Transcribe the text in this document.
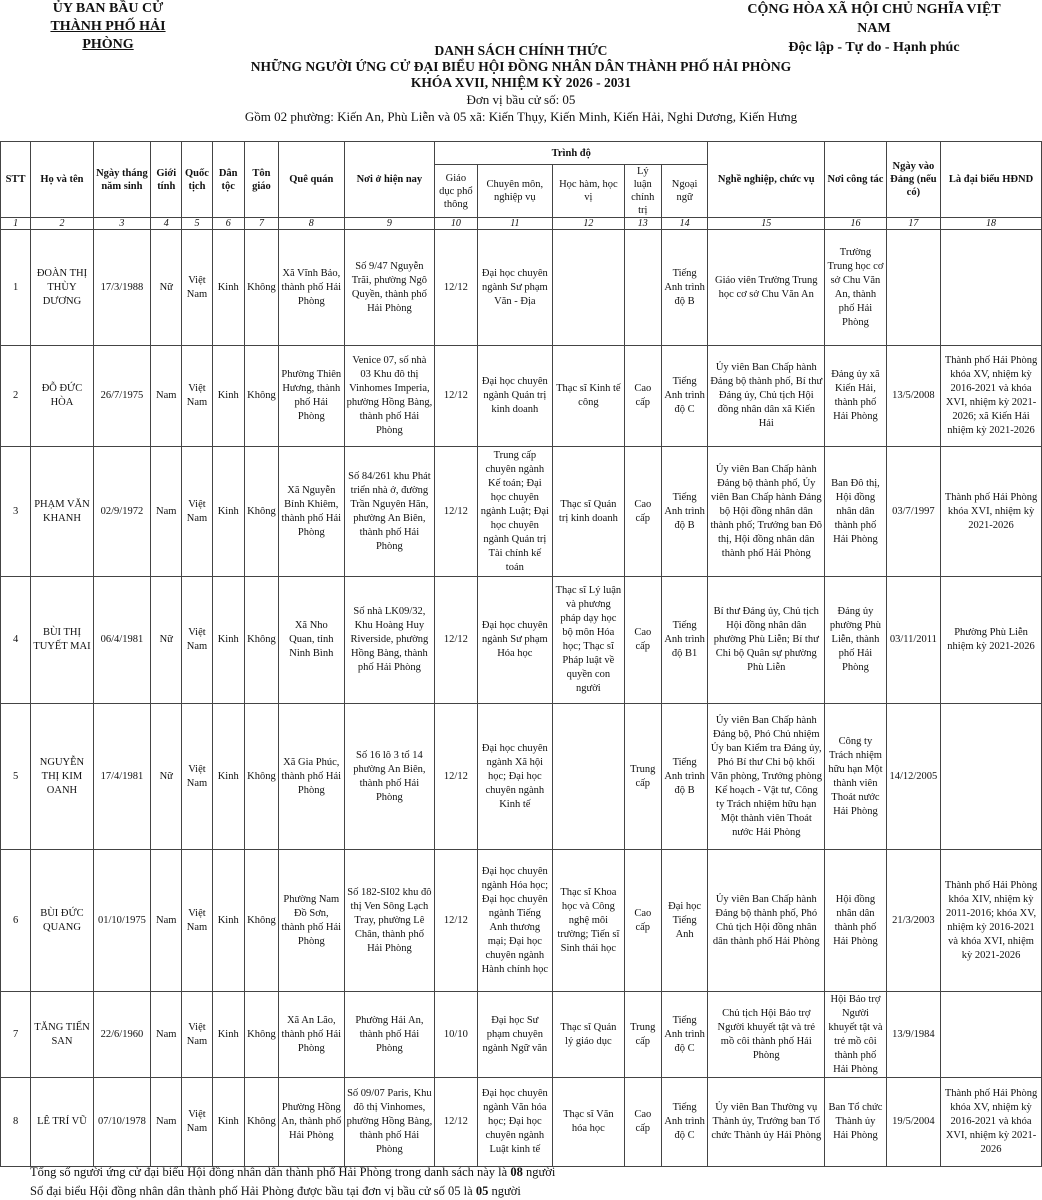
ỦY BAN BẦU CỬ
THÀNH PHỐ HẢI PHÒNG
CỘNG HÒA XÃ HỘI CHỦ NGHĨA VIỆT NAM
Độc lập - Tự do - Hạnh phúc
DANH SÁCH CHÍNH THỨC
NHỮNG NGƯỜI ỨNG CỬ ĐẠI BIỂU HỘI ĐỒNG NHÂN DÂN THÀNH PHỐ HẢI PHÒNG
KHÓA XVII, NHIỆM KỲ 2026 - 2031
Đơn vị bầu cử số: 05
Gồm 02 phường: Kiến An, Phù Liễn và 05 xã: Kiến Thụy, Kiến Minh, Kiến Hải, Nghi Dương, Kiến Hưng
STT	Họ và tên	Ngày tháng năm sinh	Giới tính	Quốc tịch	Dân tộc	Tôn giáo	Quê quán	Nơi ở hiện nay	Trình độ					Nghề nghiệp, chức vụ	Nơi công tác	Ngày vào Đảng (nếu có)	Là đại biểu HĐND
									Giáo dục phổ thông	Chuyên môn, nghiệp vụ	Học hàm, học vị	Lý luận chính trị	Ngoại ngữ				
1	2	3	4	5	6	7	8	9	10	11	12	13	14	15	16	17	18
1	ĐOÀN THỊ THÙY DƯƠNG	17/3/1988	Nữ	Việt Nam	Kinh	Không	Xã Vĩnh Bảo, thành phố Hải Phòng	Số 9/47 Nguyễn Trãi, phường Ngô Quyền, thành phố Hải Phòng	12/12	Đại học chuyên ngành Sư phạm Văn - Địa			Tiếng Anh trình độ B	Giáo viên Trường Trung học cơ sở Chu Văn An	Trường Trung học cơ sở Chu Văn An, thành phố Hải Phòng		
2	ĐỖ ĐỨC HÒA	26/7/1975	Nam	Việt Nam	Kinh	Không	Phường Thiên Hương, thành phố Hải Phòng	Venice 07, số nhà 03 Khu đô thị Vinhomes Imperia, phường Hồng Bàng, thành phố Hải Phòng	12/12	Đại học chuyên ngành Quản trị kinh doanh	Thạc sĩ Kinh tế công	Cao cấp	Tiếng Anh trình độ C	Ủy viên Ban Chấp hành Đảng bộ thành phố, Bí thư Đảng ủy, Chủ tịch Hội đồng nhân dân xã Kiến Hải	Đảng ủy xã Kiến Hải, thành phố Hải Phòng	13/5/2008	Thành phố Hải Phòng khóa XV, nhiệm kỳ 2016-2021 và khóa XVI, nhiệm kỳ 2021-2026; xã Kiến Hải nhiệm kỳ 2021-2026
3	PHẠM VĂN KHANH	02/9/1972	Nam	Việt Nam	Kinh	Không	Xã Nguyễn Bỉnh Khiêm, thành phố Hải Phòng	Số 84/261 khu Phát triển nhà ở, đường Trần Nguyên Hãn, phường An Biên, thành phố Hải Phòng	12/12	Trung cấp chuyên ngành Kế toán; Đại học chuyên ngành Luật; Đại học chuyên ngành Quản trị Tài chính kế toán	Thạc sĩ Quản trị kinh doanh	Cao cấp	Tiếng Anh trình độ B	Ủy viên Ban Chấp hành Đảng bộ thành phố, Ủy viên Ban Chấp hành Đảng bộ Hội đồng nhân dân thành phố; Trưởng ban Đô thị, Hội đồng nhân dân thành phố Hải Phòng	Ban Đô thị, Hội đồng nhân dân thành phố Hải Phòng	03/7/1997	Thành phố Hải Phòng khóa XVI, nhiệm kỳ 2021-2026
4	BÙI THỊ TUYẾT MAI	06/4/1981	Nữ	Việt Nam	Kinh	Không	Xã Nho Quan, tỉnh Ninh Bình	Số nhà LK09/32, Khu Hoàng Huy Riverside, phường Hồng Bàng, thành phố Hải Phòng	12/12	Đại học chuyên ngành Sư phạm Hóa học	Thạc sĩ Lý luận và phương pháp dạy học bộ môn Hóa học; Thạc sĩ Pháp luật về quyền con người	Cao cấp	Tiếng Anh trình độ B1	Bí thư Đảng ủy, Chủ tịch Hội đồng nhân dân phường Phù Liễn; Bí thư Chi bộ Quân sự phường Phù Liễn	Đảng ủy phường Phù Liễn, thành phố Hải Phòng	03/11/2011	Phường Phù Liễn nhiệm kỳ 2021-2026
5	NGUYỄN THỊ KIM OANH	17/4/1981	Nữ	Việt Nam	Kinh	Không	Xã Gia Phúc, thành phố Hải Phòng	Số 16 lô 3 tổ 14 phường An Biên, thành phố Hải Phòng	12/12	Đại học chuyên ngành Xã hội học; Đại học chuyên ngành Kinh tế		Trung cấp	Tiếng Anh trình độ B	Ủy viên Ban Chấp hành Đảng bộ, Phó Chủ nhiệm Ủy ban Kiểm tra Đảng ủy, Phó Bí thư Chi bộ khối Văn phòng, Trưởng phòng Kế hoạch - Vật tư, Công ty Trách nhiệm hữu hạn Một thành viên Thoát nước Hải Phòng	Công ty Trách nhiệm hữu hạn Một thành viên Thoát nước Hải Phòng	14/12/2005	
6	BÙI ĐỨC QUANG	01/10/1975	Nam	Việt Nam	Kinh	Không	Phường Nam Đồ Sơn, thành phố Hải Phòng	Số 182-SI02 khu đô thị Ven Sông Lạch Tray, phường Lê Chân, thành phố Hải Phòng	12/12	Đại học chuyên ngành Hóa học; Đại học chuyên ngành Tiếng Anh thương mại; Đại học chuyên ngành Hành chính học	Thạc sĩ Khoa học và Công nghệ môi trường; Tiến sĩ Sinh thái học	Cao cấp	Đại học Tiếng Anh	Ủy viên Ban Chấp hành Đảng bộ thành phố, Phó Chủ tịch Hội đồng nhân dân thành phố Hải Phòng	Hội đồng nhân dân thành phố Hải Phòng	21/3/2003	Thành phố Hải Phòng khóa XIV, nhiệm kỳ 2011-2016; khóa XV, nhiệm kỳ 2016-2021 và khóa XVI, nhiệm kỳ 2021-2026
7	TĂNG TIẾN SAN	22/6/1960	Nam	Việt Nam	Kinh	Không	Xã An Lão, thành phố Hải Phòng	Phường Hải An, thành phố Hải Phòng	10/10	Đại học Sư phạm chuyên ngành Ngữ văn	Thạc sĩ Quản lý giáo dục	Trung cấp	Tiếng Anh trình độ C	Chủ tịch Hội Bảo trợ Người khuyết tật và trẻ mồ côi thành phố Hải Phòng	Hội Bảo trợ Người khuyết tật và trẻ mồ côi thành phố Hải Phòng	13/9/1984	
8	LÊ TRÍ VŨ	07/10/1978	Nam	Việt Nam	Kinh	Không	Phường Hồng An, thành phố Hải Phòng	Số 09/07 Paris, Khu đô thị Vinhomes, phường Hồng Bàng, thành phố Hải Phòng	12/12	Đại học chuyên ngành Văn hóa học; Đại học chuyên ngành Luật kinh tế	Thạc sĩ Văn hóa học	Cao cấp	Tiếng Anh trình độ C	Ủy viên Ban Thường vụ Thành ủy, Trưởng ban Tổ chức Thành ủy Hải Phòng	Ban Tổ chức Thành ủy Hải Phòng	19/5/2004	Thành phố Hải Phòng khóa XV, nhiệm kỳ 2016-2021 và khóa XVI, nhiệm kỳ 2021-2026
Tổng số người ứng cử đại biểu Hội đồng nhân dân thành phố Hải Phòng trong danh sách này là 08 người
Số đại biểu Hội đồng nhân dân thành phố Hải Phòng được bầu tại đơn vị bầu cử số 05 là 05 người
